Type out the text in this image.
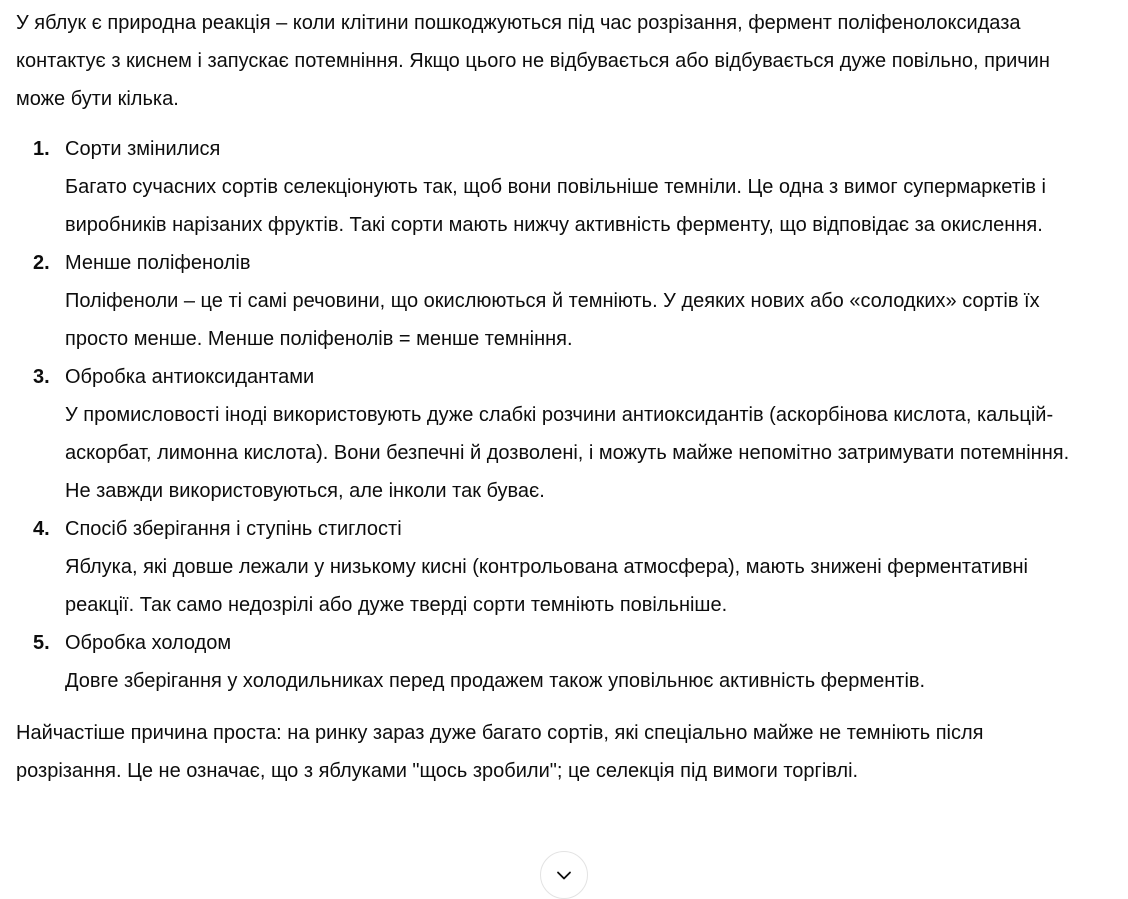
У яблук є природна реакція – коли клітини пошкоджуються під час розрізання, фермент поліфенолоксидаза контактує з киснем і запускає потемніння. Якщо цього не відбувається або відбувається дуже повільно, причин може бути кілька.

1. Сорти змінилися

Багато сучасних сортів селекціонують так, щоб вони повільніше темніли. Це одна з вимог супермаркетів і виробників нарізаних фруктів. Такі сорти мають нижчу активність ферменту, що відповідає за окислення.

2. Менше поліфенолів

Поліфеноли – це ті самі речовини, що окислюються й темніють. У деяких нових або «солодких» сортів їх просто менше. Менше поліфенолів = менше темніння.

3. Обробка антиоксидантами

У промисловості іноді використовують дуже слабкі розчини антиоксидантів (аскорбінова кислота, кальцій-аскорбат, лимонна кислота). Вони безпечні й дозволені, і можуть майже непомітно затримувати потемніння. Не завжди використовуються, але інколи так буває.

4. Спосіб зберігання і ступінь стиглості

Яблука, які довше лежали у низькому кисні (контрольована атмосфера), мають знижені ферментативні реакції. Так само недозрілі або дуже тверді сорти темніють повільніше.

5. Обробка холодом

Довге зберігання у холодильниках перед продажем також уповільнює активність ферментів.

Найчастіше причина проста: на ринку зараз дуже багато сортів, які спеціально майже не темніють після розрізання. Це не означає, що з яблуками "щось зробили"; це селекція під вимоги торгівлі.
